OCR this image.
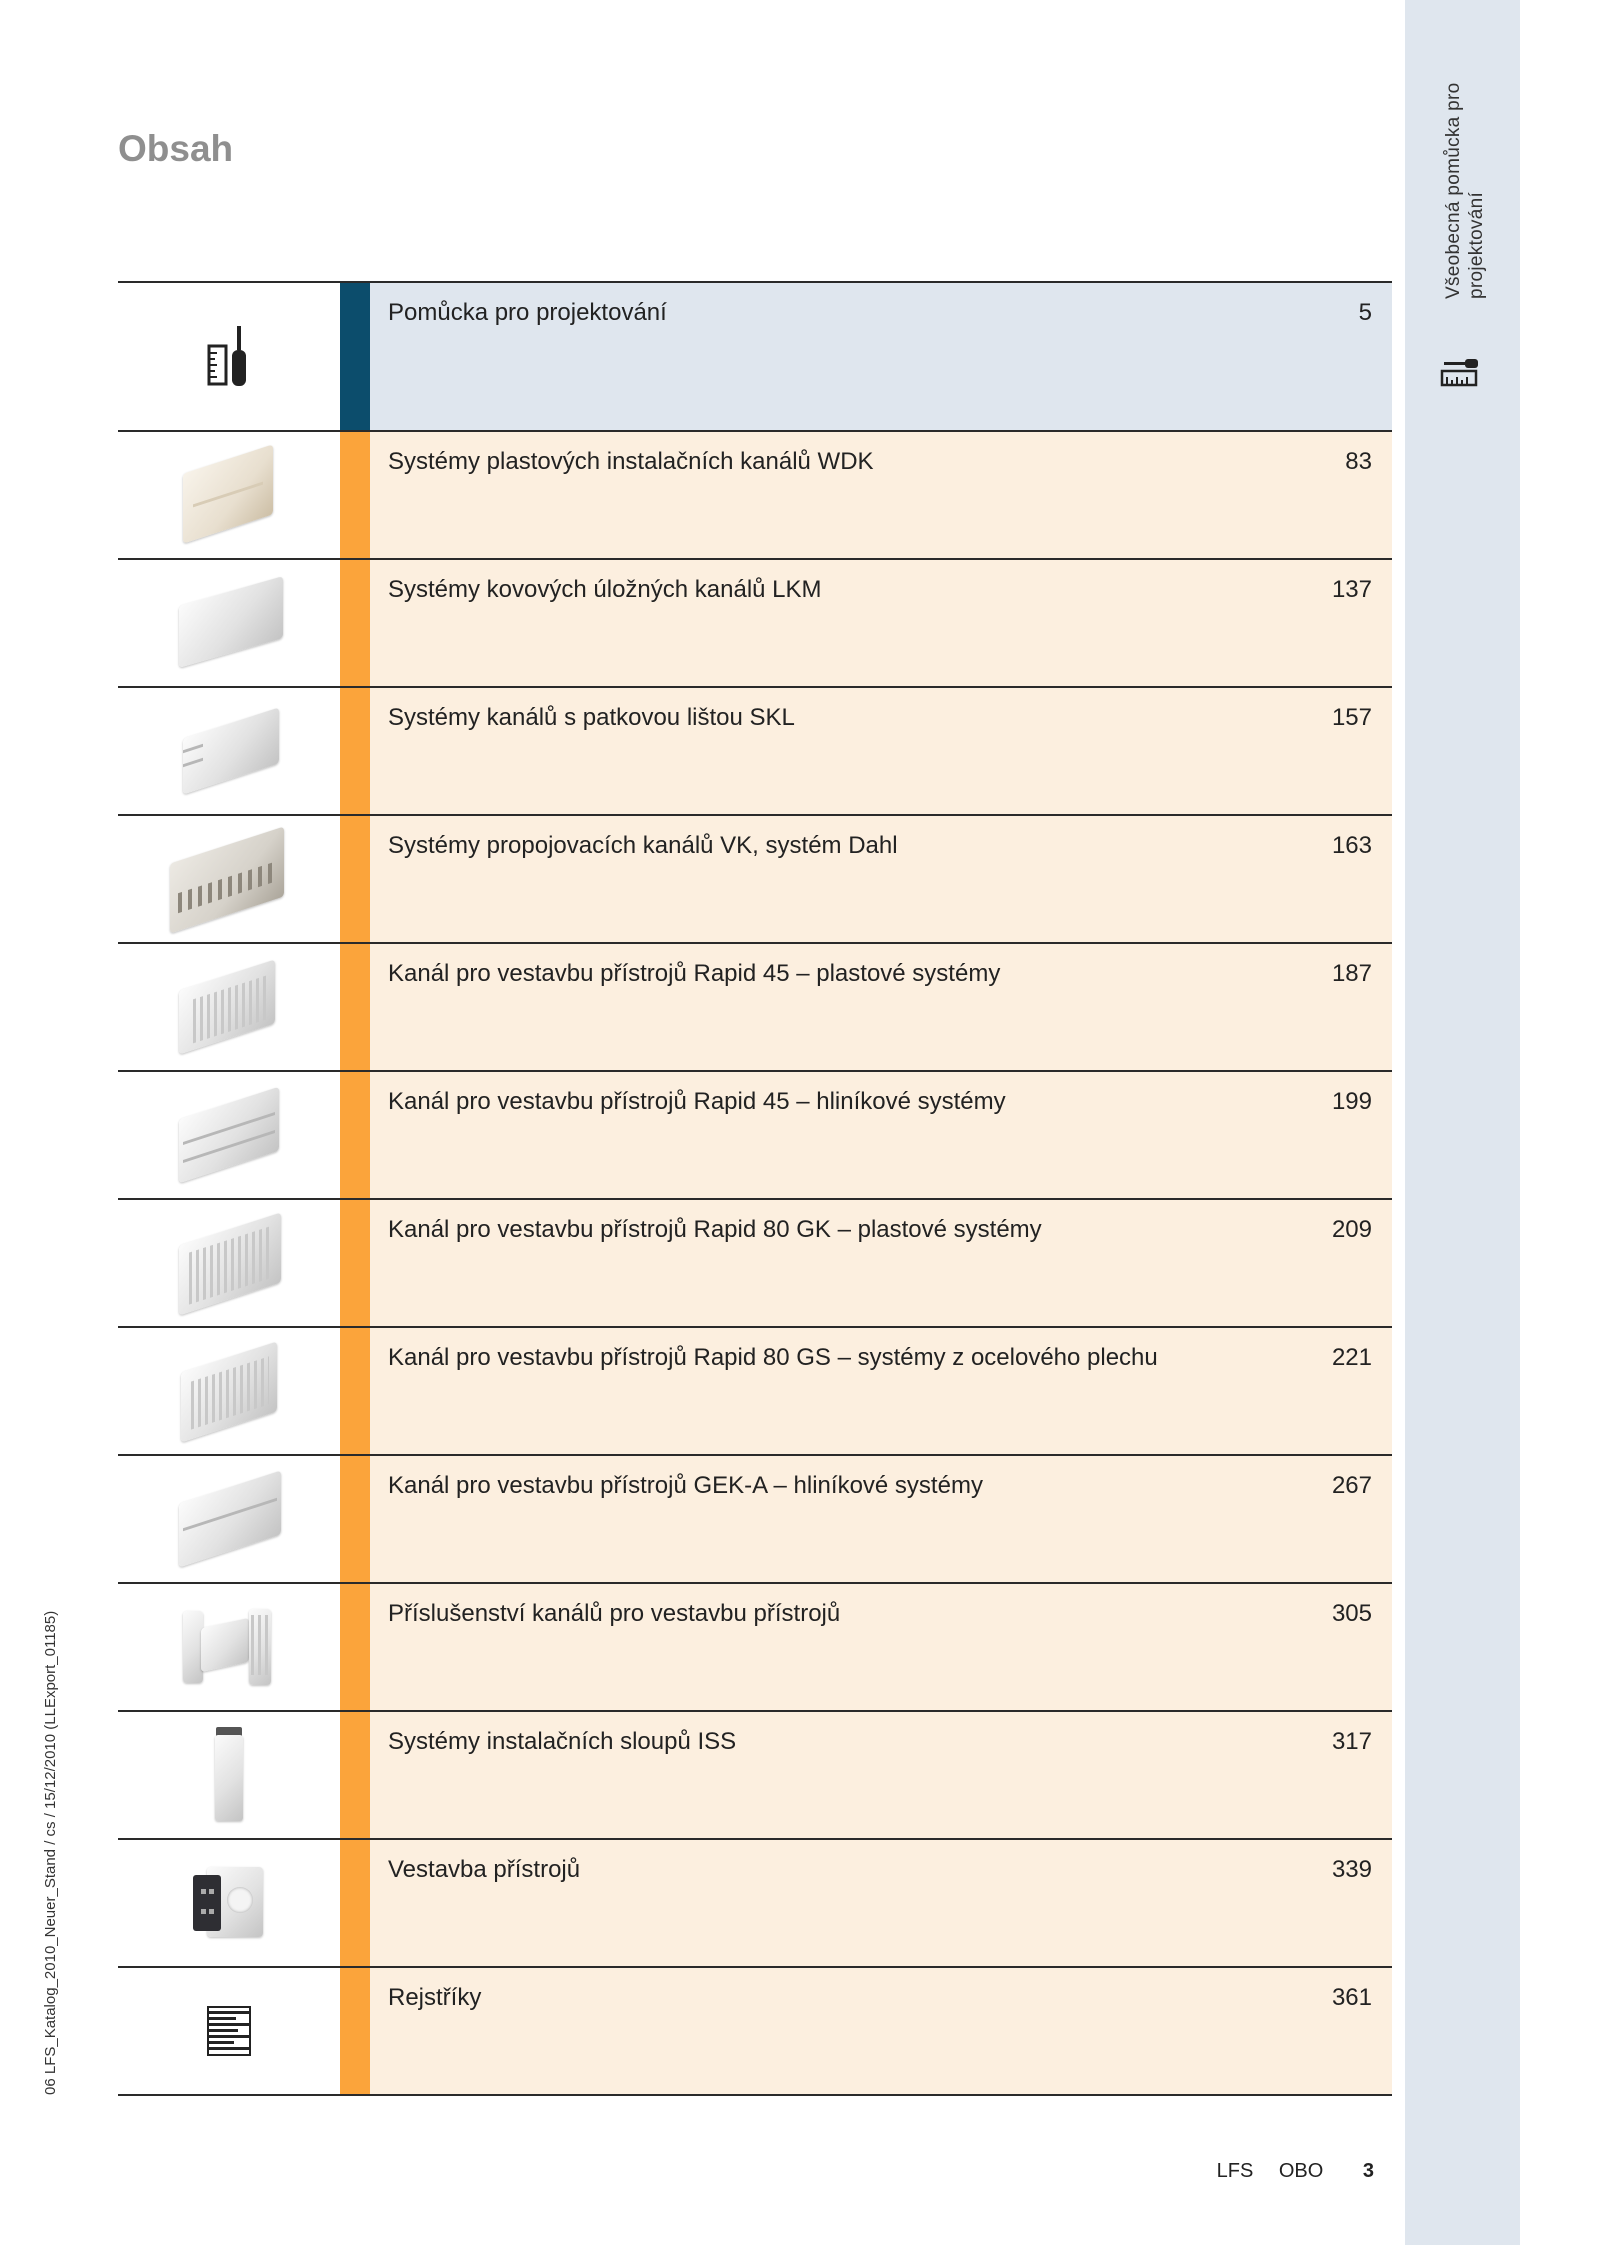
Všeobecná pomůcka pro projektování
06 LFS_Katalog_2010_Neuer_Stand / cs / 15/12/2010 (LLExport_01185)
Obsah
Pomůcka pro projektování	5
Systémy plastových instalačních kanálů WDK	83
Systémy kovových úložných kanálů LKM	137
Systémy kanálů s patkovou lištou SKL	157
Systémy propojovacích kanálů VK, systém Dahl	163
Kanál pro vestavbu přístrojů Rapid 45 – plastové systémy	187
Kanál pro vestavbu přístrojů Rapid 45 – hliníkové systémy	199
Kanál pro vestavbu přístrojů Rapid 80 GK – plastové systémy	209
Kanál pro vestavbu přístrojů Rapid 80 GS – systémy z ocelového plechu	221
Kanál pro vestavbu přístrojů GEK-A – hliníkové systémy	267
Příslušenství kanálů pro vestavbu přístrojů	305
Systémy instalačních sloupů ISS	317
Vestavba přístrojů	339
Rejstříky	361
LFS OBO 3
